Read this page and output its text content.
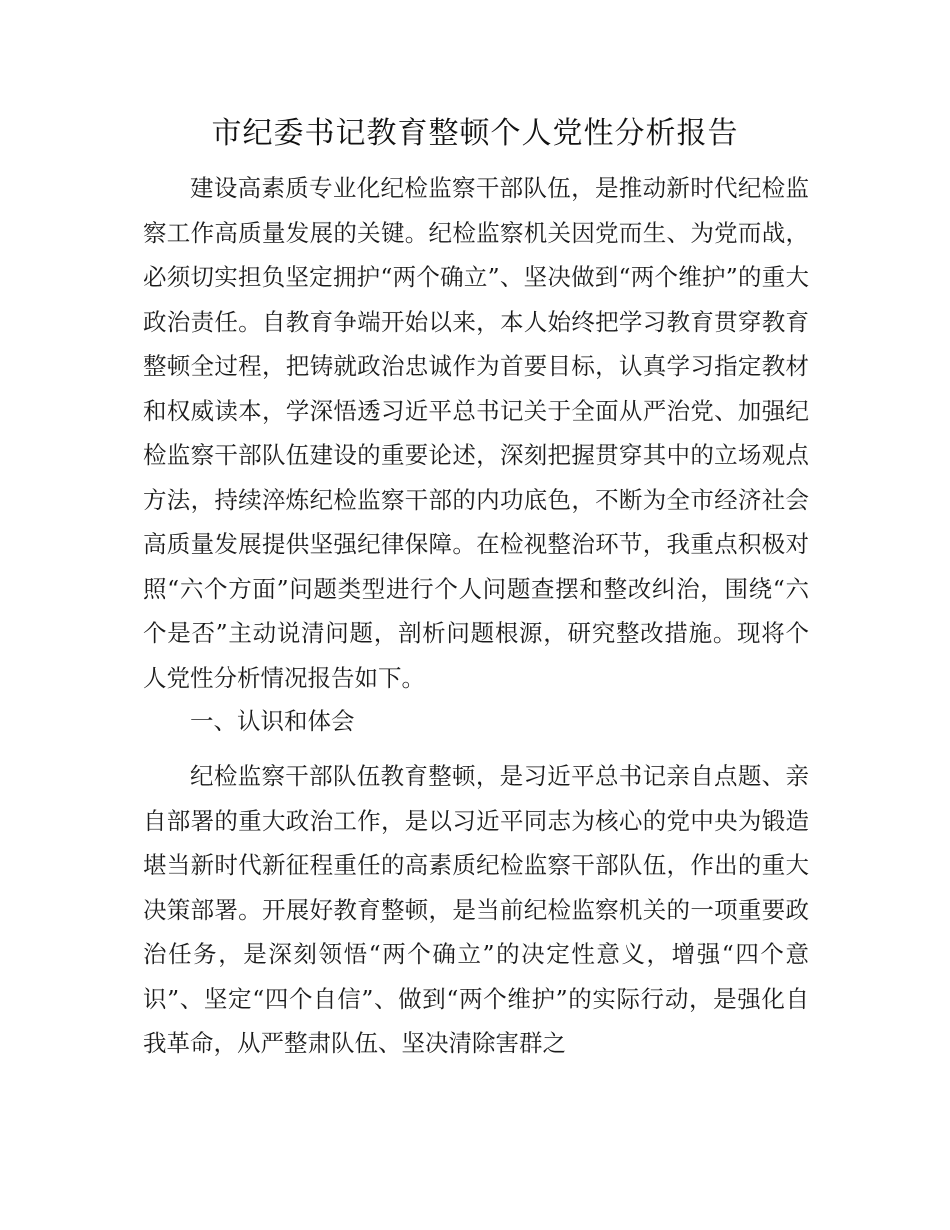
市纪委书记教育整顿个人党性分析报告

建设高素质专业化纪检监察干部队伍，是推动新时代纪检监察工作高质量发展的关键。纪检监察机关因党而生、为党而战，必须切实担负坚定拥护“两个确立”、坚决做到“两个维护”的重大政治责任。自教育争端开始以来，本人始终把学习教育贯穿教育整顿全过程，把铸就政治忠诚作为首要目标，认真学习指定教材和权威读本，学深悟透习近平总书记关于全面从严治党、加强纪检监察干部队伍建设的重要论述，深刻把握贯穿其中的立场观点方法，持续淬炼纪检监察干部的内功底色，不断为全市经济社会高质量发展提供坚强纪律保障。在检视整治环节，我重点积极对照“六个方面”问题类型进行个人问题查摆和整改纠治，围绕“六个是否”主动说清问题，剖析问题根源，研究整改措施。现将个人党性分析情况报告如下。

一、认识和体会

纪检监察干部队伍教育整顿，是习近平总书记亲自点题、亲自部署的重大政治工作，是以习近平同志为核心的党中央为锻造堪当新时代新征程重任的高素质纪检监察干部队伍，作出的重大决策部署。开展好教育整顿，是当前纪检监察机关的一项重要政治任务，是深刻领悟“两个确立”的决定性意义，增强“四个意识”、坚定“四个自信”、做到“两个维护”的实际行动，是强化自我革命，从严整肃队伍、坚决清除害群之
